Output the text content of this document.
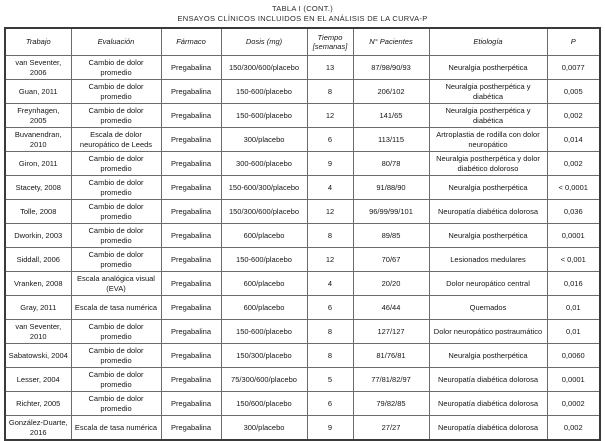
TABLA I (CONT.)
ENSAYOS CLÍNICOS INCLUIDOS EN EL ANÁLISIS DE LA CURVA-P
Trabajo	Evaluación	Fármaco	Dosis (mg)	Tiempo [semanas]	N° Pacientes	Etiología	P
van Seventer, 2006	Cambio de dolor promedio	Pregabalina	150/300/600/placebo	13	87/98/90/93	Neuralgia postherpética	0,0077
Guan, 2011	Cambio de dolor promedio	Pregabalina	150-600/placebo	8	206/102	Neuralgia postherpética y diabética	0,005
Freynhagen, 2005	Cambio de dolor promedio	Pregabalina	150-600/placebo	12	141/65	Neuralgia postherpética y diabética	0,002
Buvanendran, 2010	Escala de dolor neuropático de Leeds	Pregabalina	300/placebo	6	113/115	Artroplastia de rodilla con dolor neuropático	0,014
Giron, 2011	Cambio de dolor promedio	Pregabalina	300-600/placebo	9	80/78	Neuralgia postherpética y dolor diabético doloroso	0,002
Stacety, 2008	Cambio de dolor promedio	Pregabalina	150-600/300/placebo	4	91/88/90	Neuralgia postherpética	< 0,0001
Tolle, 2008	Cambio de dolor promedio	Pregabalina	150/300/600/placebo	12	96/99/99/101	Neuropatía diabética dolorosa	0,036
Dworkin, 2003	Cambio de dolor promedio	Pregabalina	600/placebo	8	89/85	Neuralgia postherpética	0,0001
Siddall, 2006	Cambio de dolor promedio	Pregabalina	150-600/placebo	12	70/67	Lesionados medulares	< 0,001
Vranken, 2008	Escala analógica visual (EVA)	Pregabalina	600/placebo	4	20/20	Dolor neuropático central	0,016
Gray, 2011	Escala de tasa numérica	Pregabalina	600/placebo	6	46/44	Quemados	0,01
van Seventer, 2010	Cambio de dolor promedio	Pregabalina	150-600/placebo	8	127/127	Dolor neuropático postraumático	0,01
Sabatowski, 2004	Cambio de dolor promedio	Pregabalina	150/300/placebo	8	81/76/81	Neuralgia postherpética	0,0060
Lesser, 2004	Cambio de dolor promedio	Pregabalina	75/300/600/placebo	5	77/81/82/97	Neuropatía diabética dolorosa	0,0001
Richter, 2005	Cambio de dolor promedio	Pregabalina	150/600/placebo	6	79/82/85	Neuropatía diabética dolorosa	0,0002
González-Duarte, 2016	Escala de tasa numérica	Pregabalina	300/placebo	9	27/27	Neuropatía diabética dolorosa	0,002
